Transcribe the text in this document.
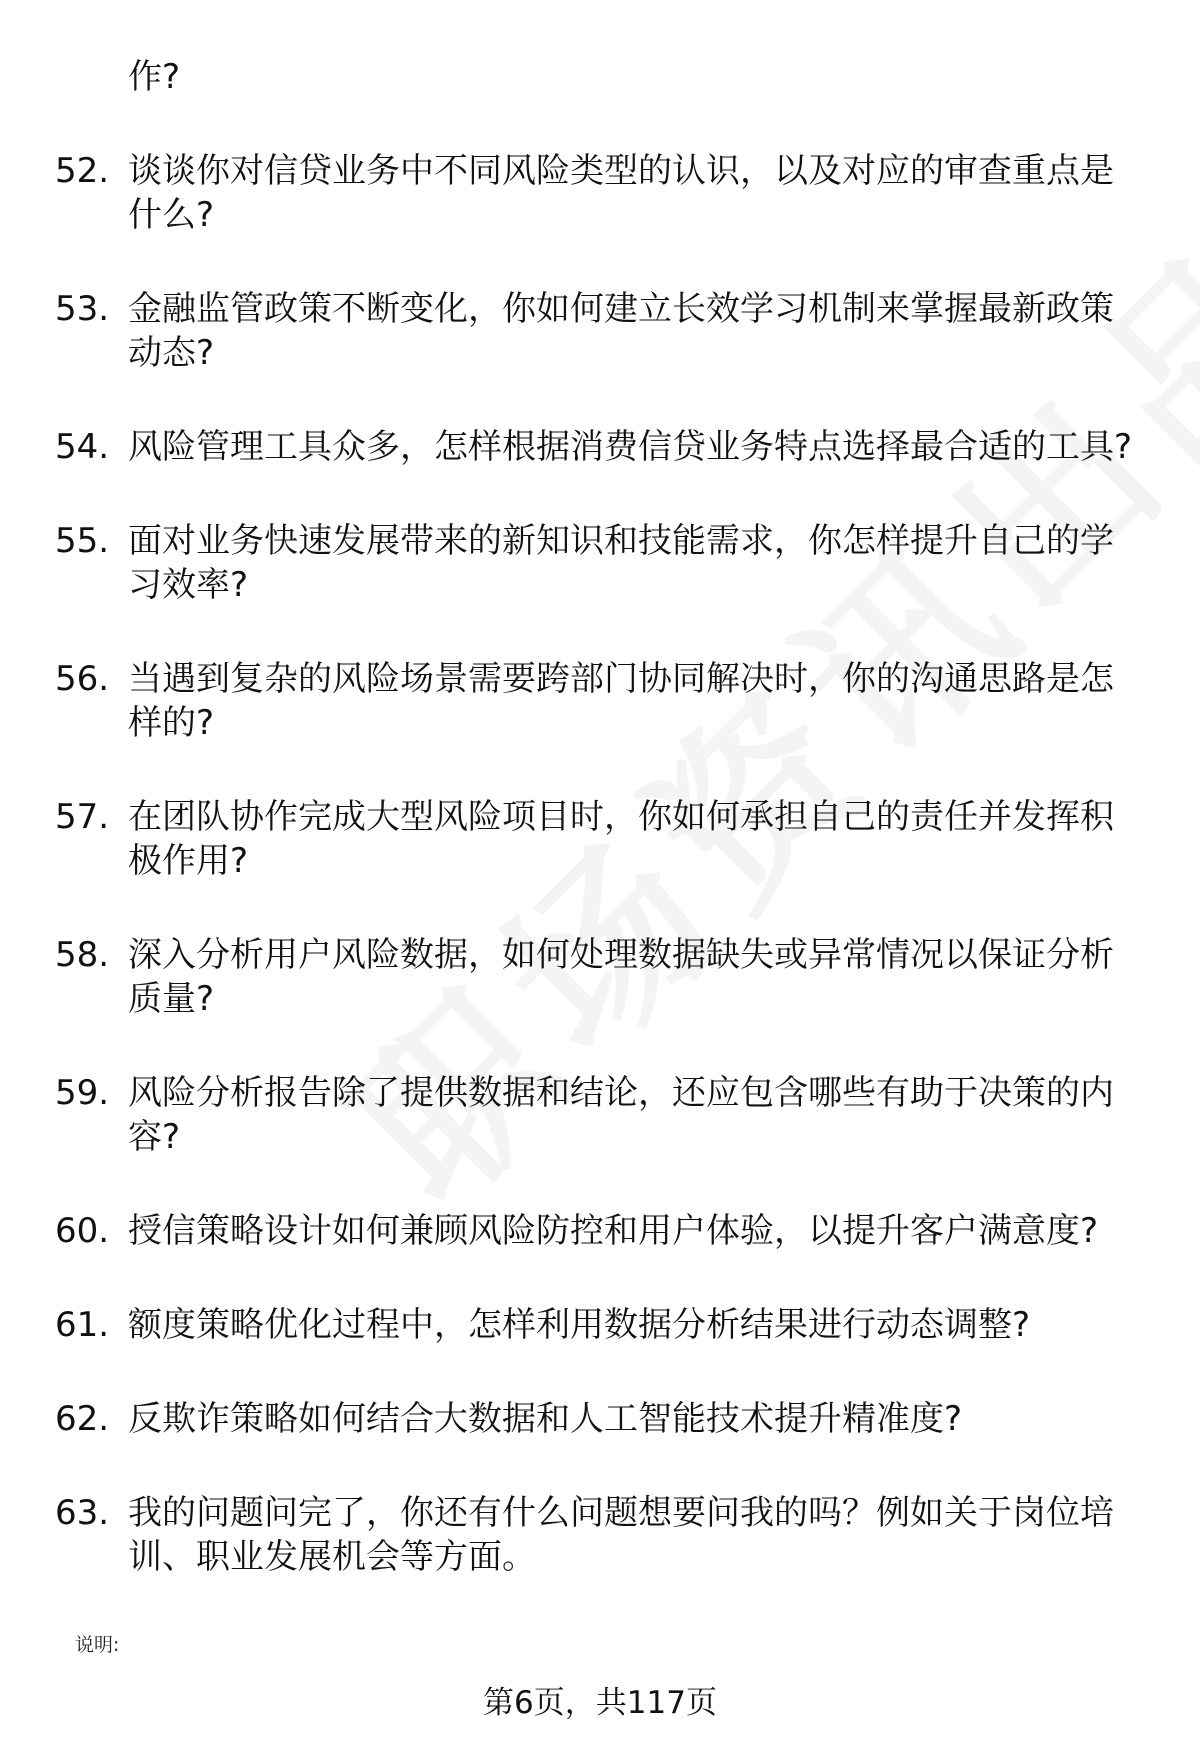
作?
52. 谈谈你对信贷业务中不同风险类型的认识，以及对应的审查重点是什么?
53. 金融监管政策不断变化，你如何建立长效学习机制来掌握最新政策动态?
54. 风险管理工具众多，怎样根据消费信贷业务特点选择最合适的工具?
55. 面对业务快速发展带来的新知识和技能需求，你怎样提升自己的学习效率?
56. 当遇到复杂的风险场景需要跨部门协同解决时，你的沟通思路是怎样的?
57. 在团队协作完成大型风险项目时，你如何承担自己的责任并发挥积极作用?
58. 深入分析用户风险数据，如何处理数据缺失或异常情况以保证分析质量?
59. 风险分析报告除了提供数据和结论，还应包含哪些有助于决策的内容?
60. 授信策略设计如何兼顾风险防控和用户体验，以提升客户满意度?
61. 额度策略优化过程中，怎样利用数据分析结果进行动态调整?
62. 反欺诈策略如何结合大数据和人工智能技术提升精准度?
63. 我的问题问完了，你还有什么问题想要问我的吗？例如关于岗位培训、职业发展机会等方面。
说明:
第6页，共117页
